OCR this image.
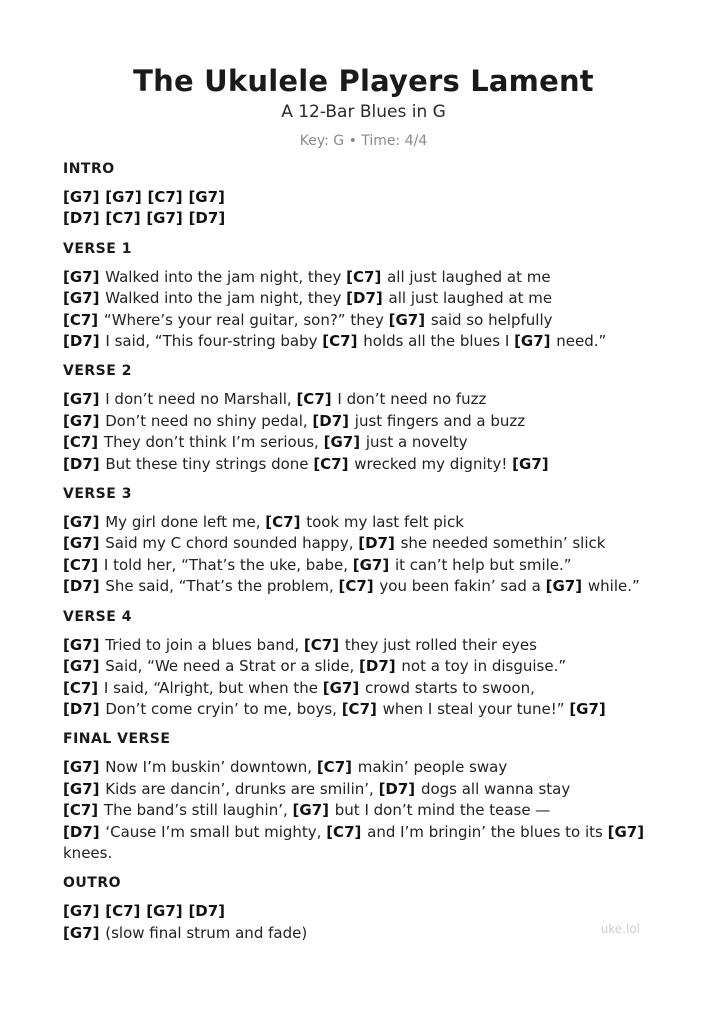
The Ukulele Players Lament
A 12-Bar Blues in G
Key: G • Time: 4/4
INTRO
[G7] [G7] [C7] [G7]
[D7] [C7] [G7] [D7]
VERSE 1
[G7] Walked into the jam night, they [C7] all just laughed at me
[G7] Walked into the jam night, they [D7] all just laughed at me
[C7] “Where’s your real guitar, son?” they [G7] said so helpfully
[D7] I said, “This four-string baby [C7] holds all the blues I [G7] need.”
VERSE 2
[G7] I don’t need no Marshall, [C7] I don’t need no fuzz
[G7] Don’t need no shiny pedal, [D7] just fingers and a buzz
[C7] They don’t think I’m serious, [G7] just a novelty
[D7] But these tiny strings done [C7] wrecked my dignity! [G7]
VERSE 3
[G7] My girl done left me, [C7] took my last felt pick
[G7] Said my C chord sounded happy, [D7] she needed somethin’ slick
[C7] I told her, “That’s the uke, babe, [G7] it can’t help but smile.”
[D7] She said, “That’s the problem, [C7] you been fakin’ sad a [G7] while.”
VERSE 4
[G7] Tried to join a blues band, [C7] they just rolled their eyes
[G7] Said, “We need a Strat or a slide, [D7] not a toy in disguise.”
[C7] I said, “Alright, but when the [G7] crowd starts to swoon,
[D7] Don’t come cryin’ to me, boys, [C7] when I steal your tune!” [G7]
FINAL VERSE
[G7] Now I’m buskin’ downtown, [C7] makin’ people sway
[G7] Kids are dancin’, drunks are smilin’, [D7] dogs all wanna stay
[C7] The band’s still laughin’, [G7] but I don’t mind the tease —
[D7] ‘Cause I’m small but mighty, [C7] and I’m bringin’ the blues to its [G7] knees.
OUTRO
[G7] [C7] [G7] [D7]
[G7] (slow final strum and fade)	uke.lol
